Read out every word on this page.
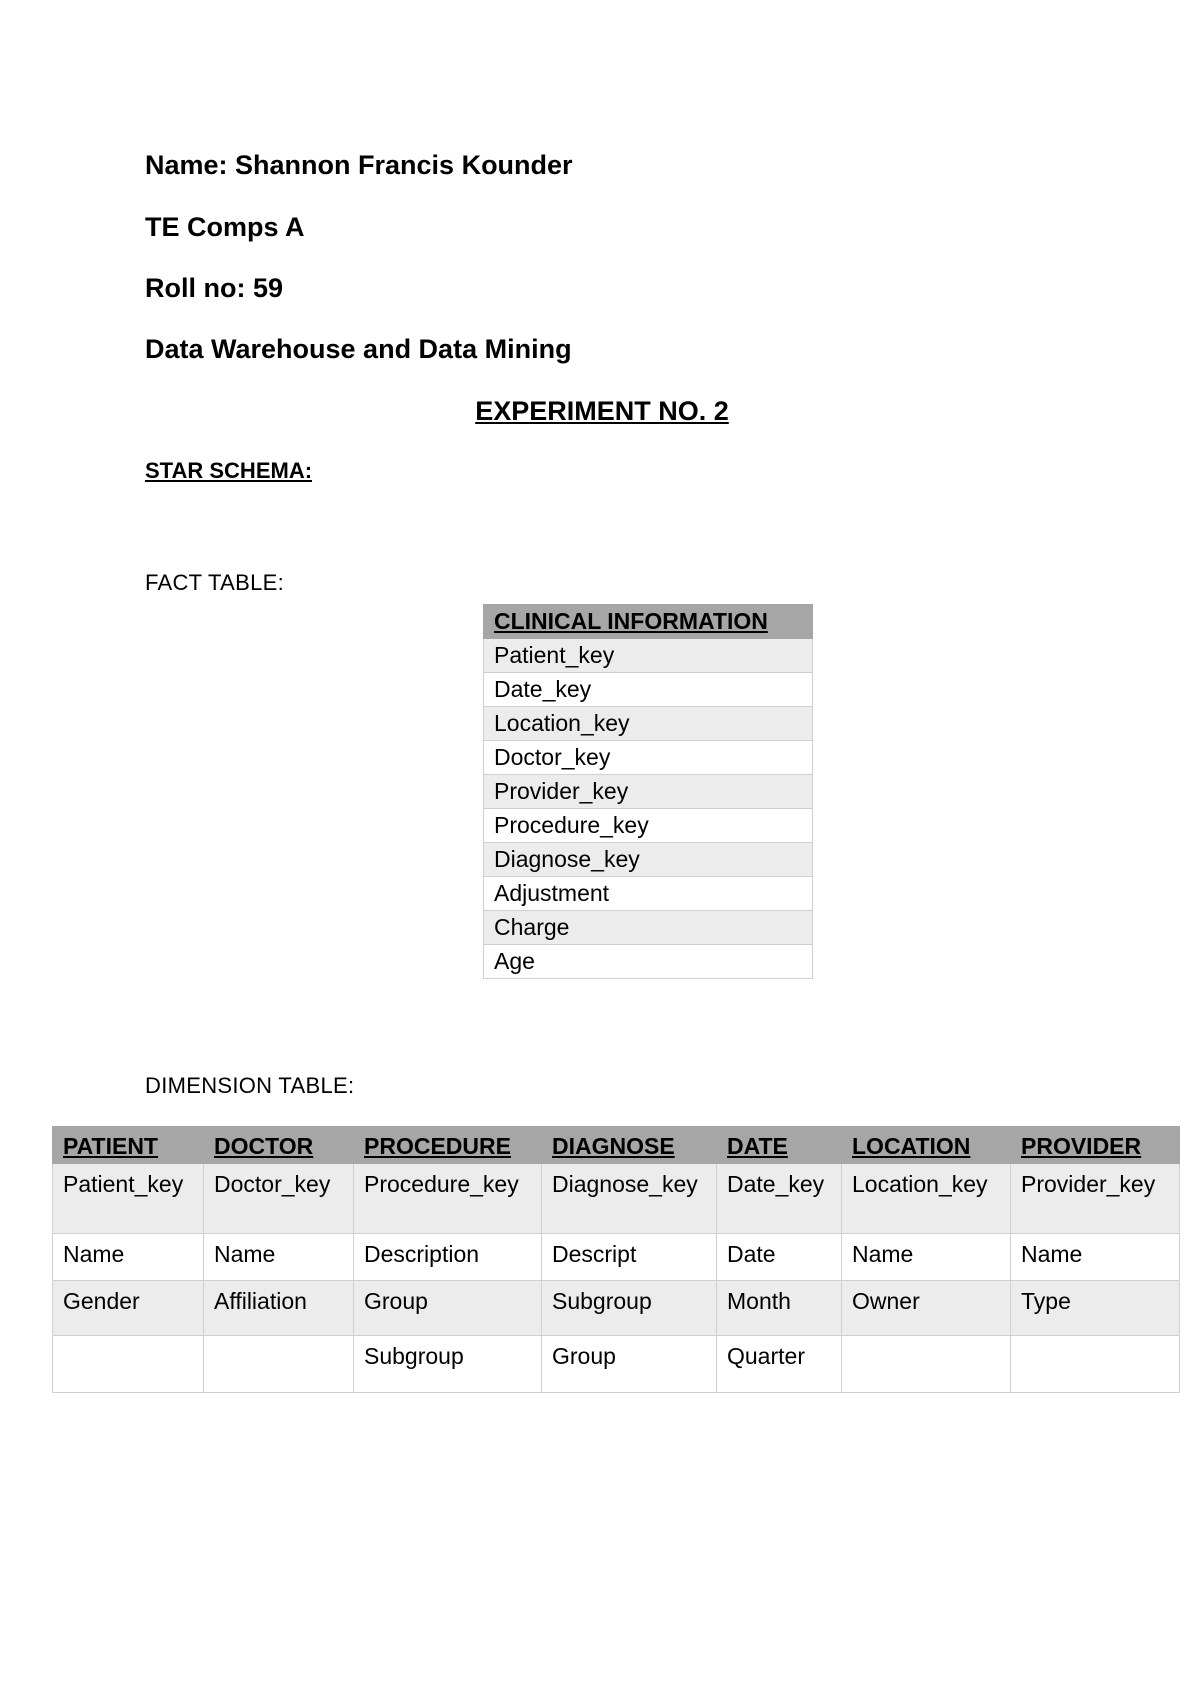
Name: Shannon Francis Kounder

TE Comps A

Roll no: 59

Data Warehouse and Data Mining

EXPERIMENT NO. 2

STAR SCHEMA:

FACT TABLE:

CLINICAL INFORMATION
Patient_key
Date_key
Location_key
Doctor_key
Provider_key
Procedure_key
Diagnose_key
Adjustment
Charge
Age

DIMENSION TABLE:

PATIENT	DOCTOR	PROCEDURE	DIAGNOSE	DATE	LOCATION	PROVIDER
Patient_key	Doctor_key	Procedure_key	Diagnose_key	Date_key	Location_key	Provider_key
Name	Name	Description	Descript	Date	Name	Name
Gender	Affiliation	Group	Subgroup	Month	Owner	Type
		Subgroup	Group	Quarter		
